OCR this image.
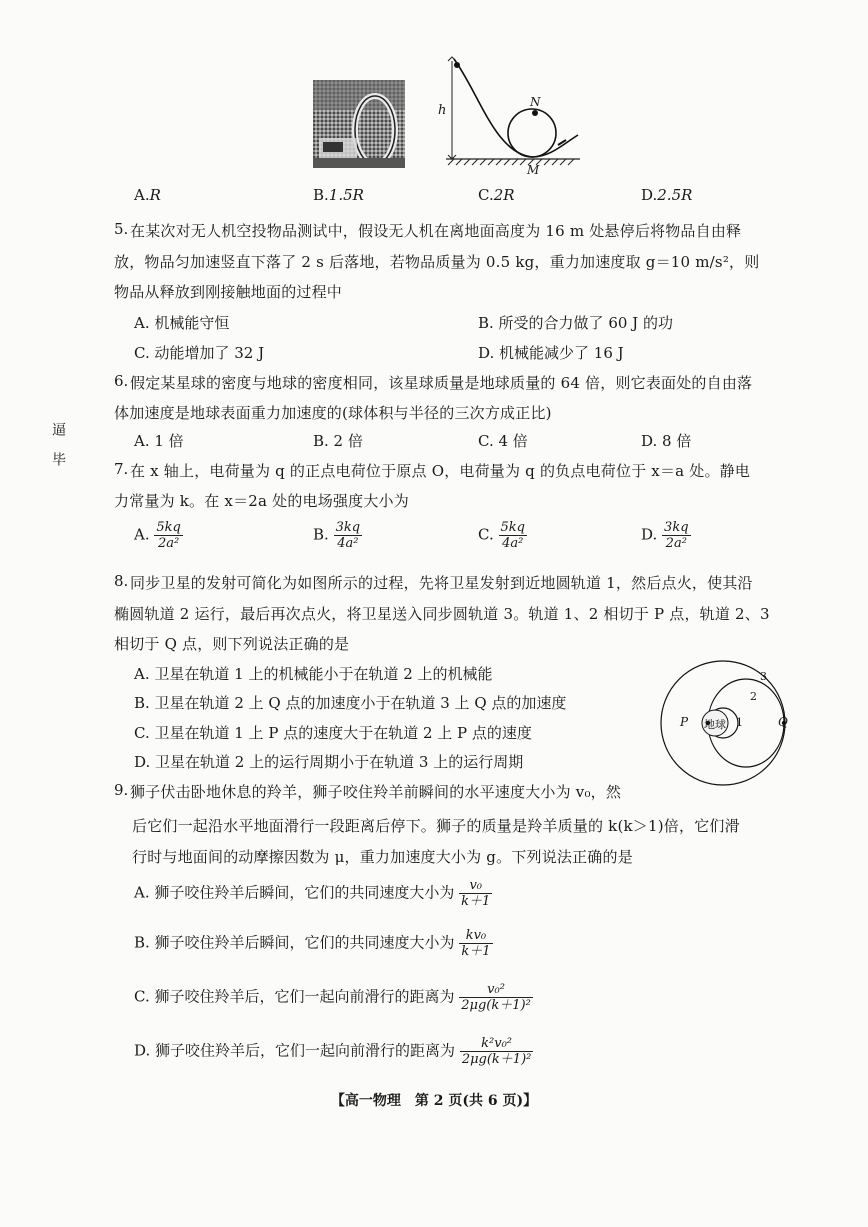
h
N
M
A.R	B.1.5R	C.2R	D.2.5R
5. 在某次对无人机空投物品测试中，假设无人机在离地面高度为 16 m 处悬停后将物品自由释
放，物品匀加速竖直下落了 2 s 后落地，若物品质量为 0.5 kg，重力加速度取 g＝10 m/s²，则
物品从释放到刚接触地面的过程中
A. 机械能守恒	B. 所受的合力做了 60 J 的功
C. 动能增加了 32 J	D. 机械能减少了 16 J
6. 假定某星球的密度与地球的密度相同，该星球质量是地球质量的 64 倍，则它表面处的自由落
体加速度是地球表面重力加速度的(球体积与半径的三次方成正比)
A. 1 倍	B. 2 倍	C. 4 倍	D. 8 倍
逼
毕
7. 在 x 轴上，电荷量为 q 的正点电荷位于原点 O，电荷量为 q 的负点电荷位于 x＝a 处。静电
力常量为 k。在 x＝2a 处的电场强度大小为
A. $\frac{5kq}{\text{2a²}}$	B. $\frac{3kq}{\text{4a²}}$	C. $\frac{5kq}{\text{4a²}}$	D. $\frac{3kq}{\text{2a²}}$
8. 同步卫星的发射可简化为如图所示的过程，先将卫星发射到近地圆轨道 1，然后点火，使其沿
椭圆轨道 2 运行，最后再次点火，将卫星送入同步圆轨道 3。轨道 1、2 相切于 P 点，轨道 2、3
相切于 Q 点，则下列说法正确的是
A. 卫星在轨道 1 上的机械能小于在轨道 2 上的机械能
B. 卫星在轨道 2 上 Q 点的加速度小于在轨道 3 上 Q 点的加速度
C. 卫星在轨道 1 上 P 点的速度大于在轨道 2 上 P 点的速度
D. 卫星在轨道 2 上的运行周期小于在轨道 3 上的运行周期
地球
P	Q
1
2
3
9. 狮子伏击卧地休息的羚羊，狮子咬住羚羊前瞬间的水平速度大小为 v₀，然
后它们一起沿水平地面滑行一段距离后停下。狮子的质量是羚羊质量的 k(k＞1)倍，它们滑
行时与地面间的动摩擦因数为 μ，重力加速度大小为 g。下列说法正确的是
A. 狮子咬住羚羊后瞬间，它们的共同速度大小为 $\frac{\text{v₀}}{k+1}$
B. 狮子咬住羚羊后瞬间，它们的共同速度大小为 $\frac{\text{kv₀}}{k+1}$
C. 狮子咬住羚羊后，它们一起向前滑行的距离为 $\frac{\text{v₀²}}{\text{2μg(k＋1)²}}$
D. 狮子咬住羚羊后，它们一起向前滑行的距离为 $\frac{\text{k²v₀²}}{\text{2μg(k＋1)²}}$
【高一物理　第 2 页(共 6 页)】
